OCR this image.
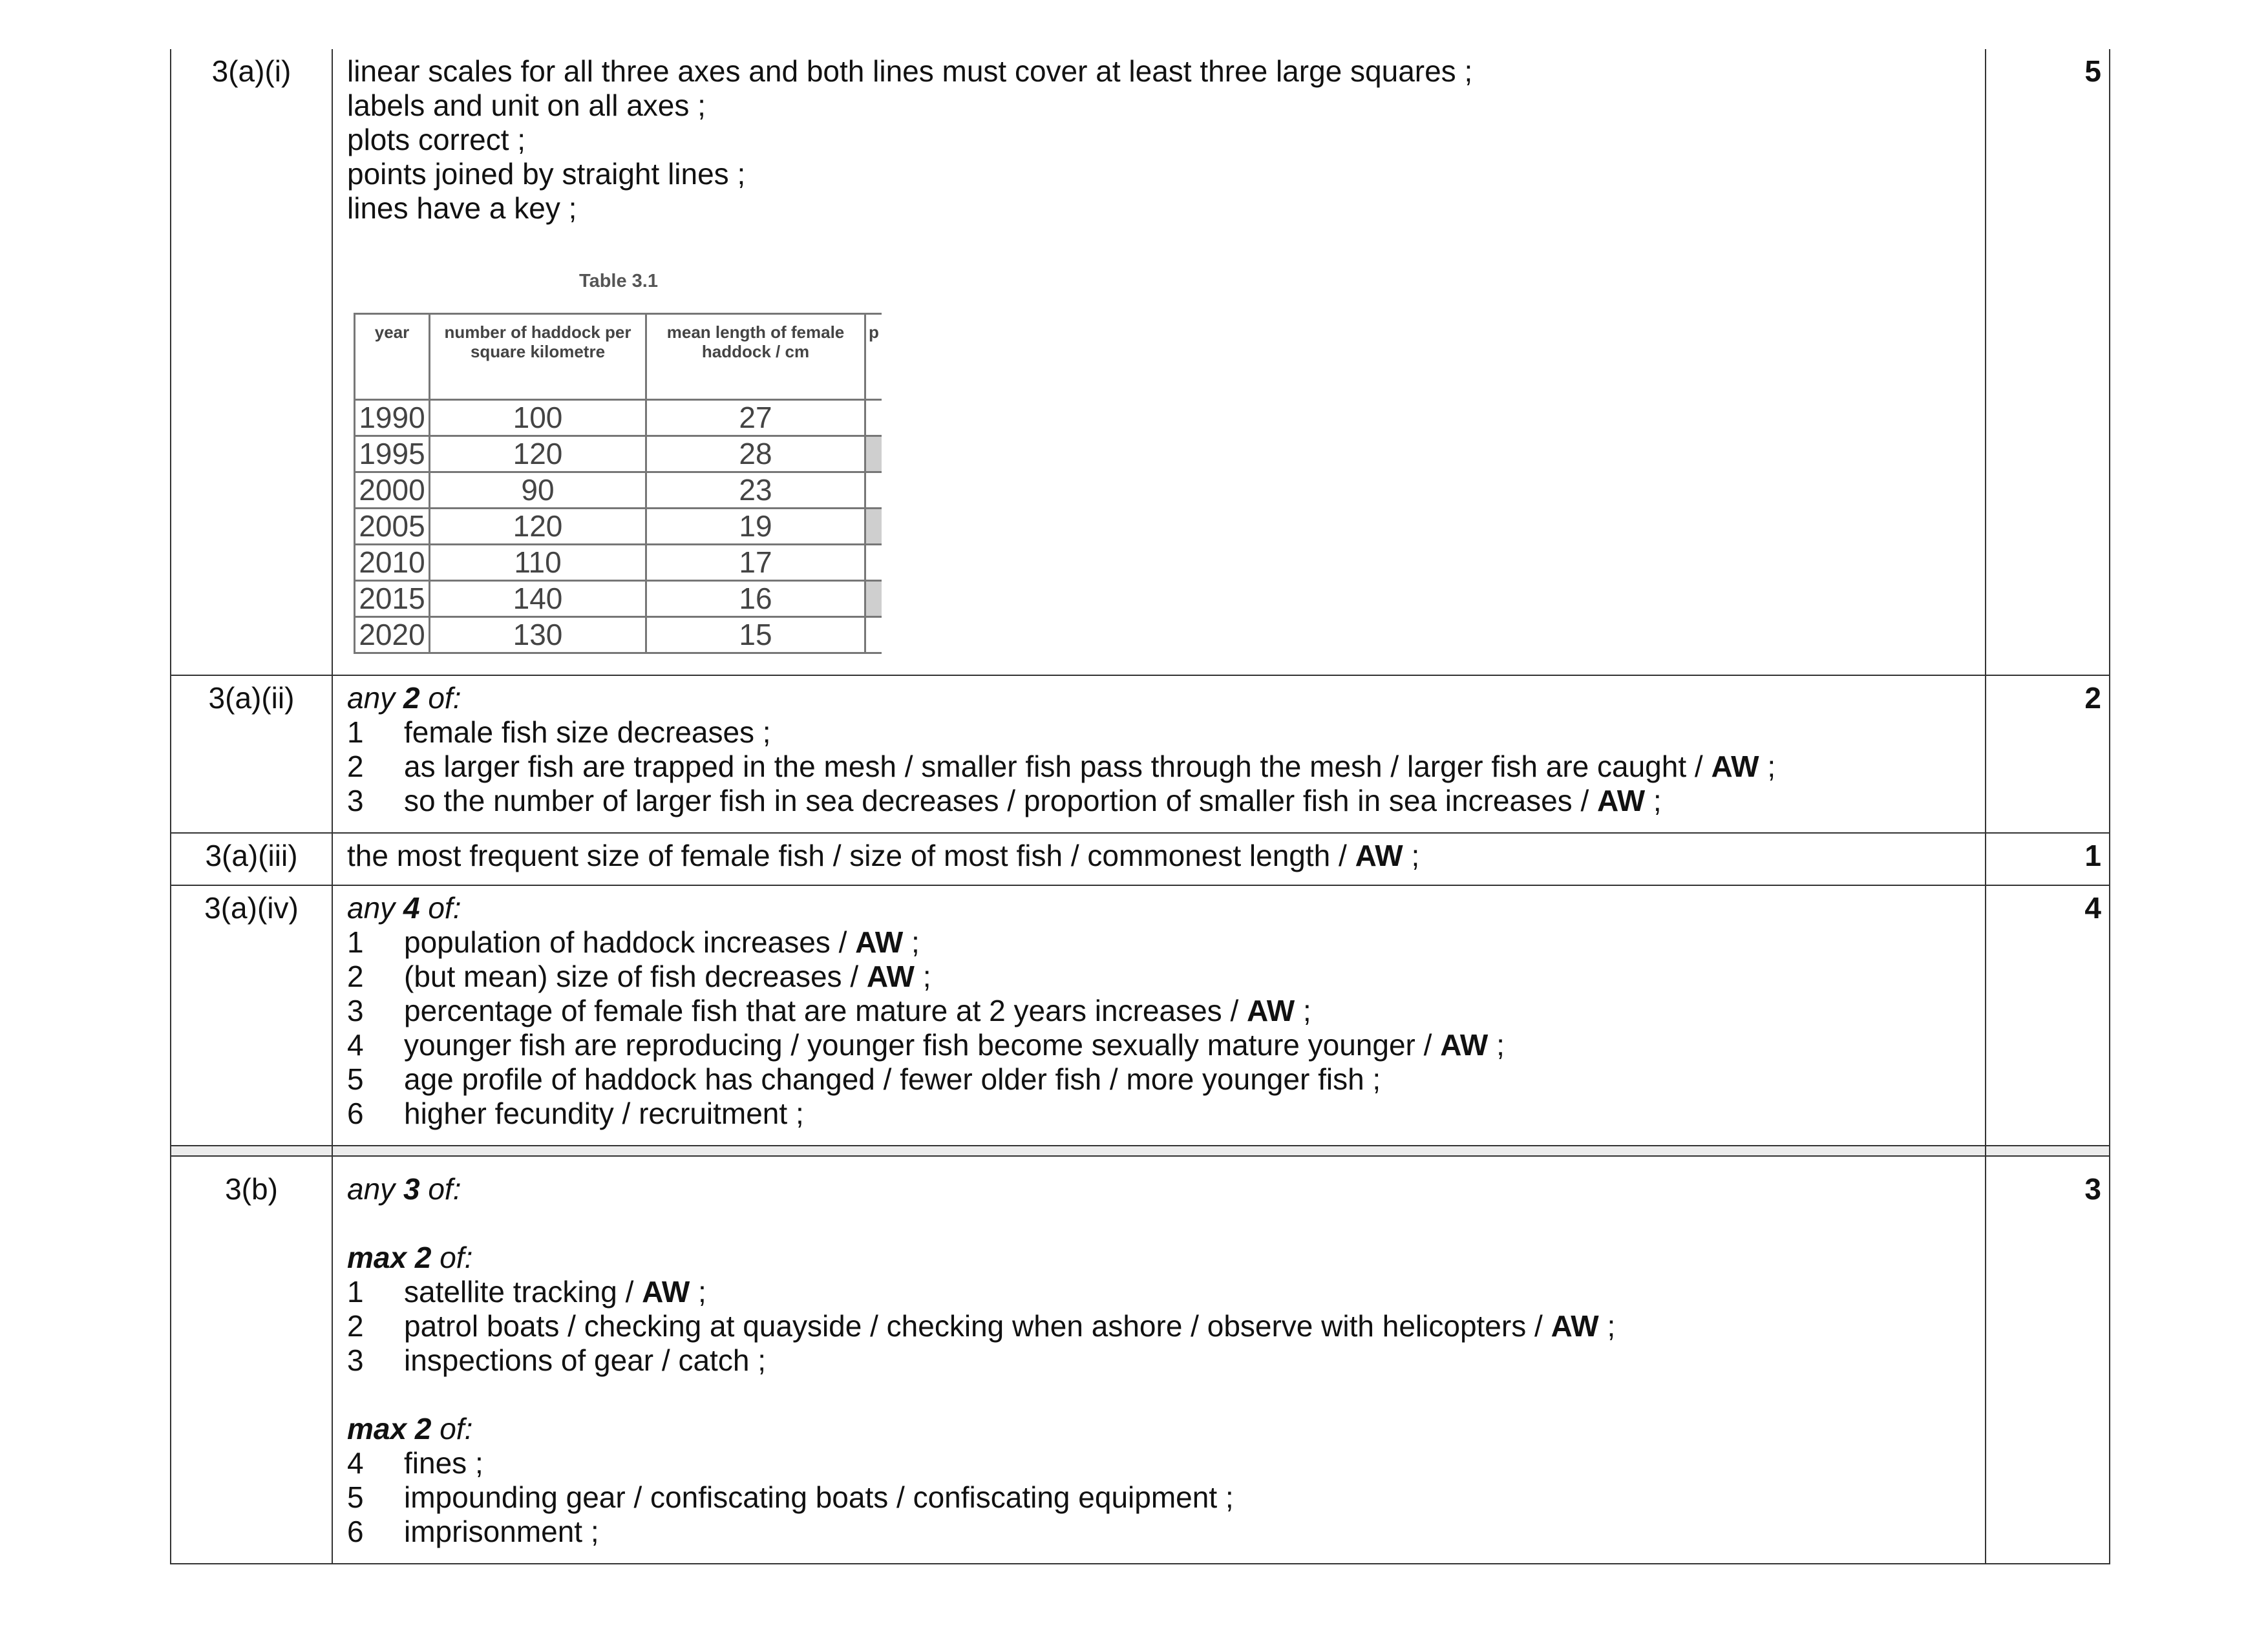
3(a)(i)	linear scales for all three axes and both lines must cover at least three large squares ;
labels and unit on all axes ;
plots correct ;
points joined by straight lines ;
lines have a key ;
Table 3.1
year	number of haddock per square kilometre	mean length of female haddock / cm	p
1990	100	27	
1995	120	28	
2000	90	23	
2005	120	19	
2010	110	17	
2015	140	16	
2020	130	15	
	5
3(a)(ii)	any 2 of:
1 female fish size decreases ;
2 as larger fish are trapped in the mesh / smaller fish pass through the mesh / larger fish are caught / AW ;
3 so the number of larger fish in sea decreases / proportion of smaller fish in sea increases / AW ;
	2
3(a)(iii)	the most frequent size of female fish / size of most fish / commonest length / AW ;	1
3(a)(iv)	any 4 of:
1 population of haddock increases / AW ;
2 (but mean) size of fish decreases / AW ;
3 percentage of female fish that are mature at 2 years increases / AW ;
4 younger fish are reproducing / younger fish become sexually mature younger / AW ;
5 age profile of haddock has changed / fewer older fish / more younger fish ;
6 higher fecundity / recruitment ;
	4

3(b)	any 3 of:
max 2 of:
1 satellite tracking / AW ;
2 patrol boats / checking at quayside / checking when ashore / observe with helicopters / AW ;
3 inspections of gear / catch ;
max 2 of:
4 fines ;
5 impounding gear / confiscating boats / confiscating equipment ;
6 imprisonment ;
	3
